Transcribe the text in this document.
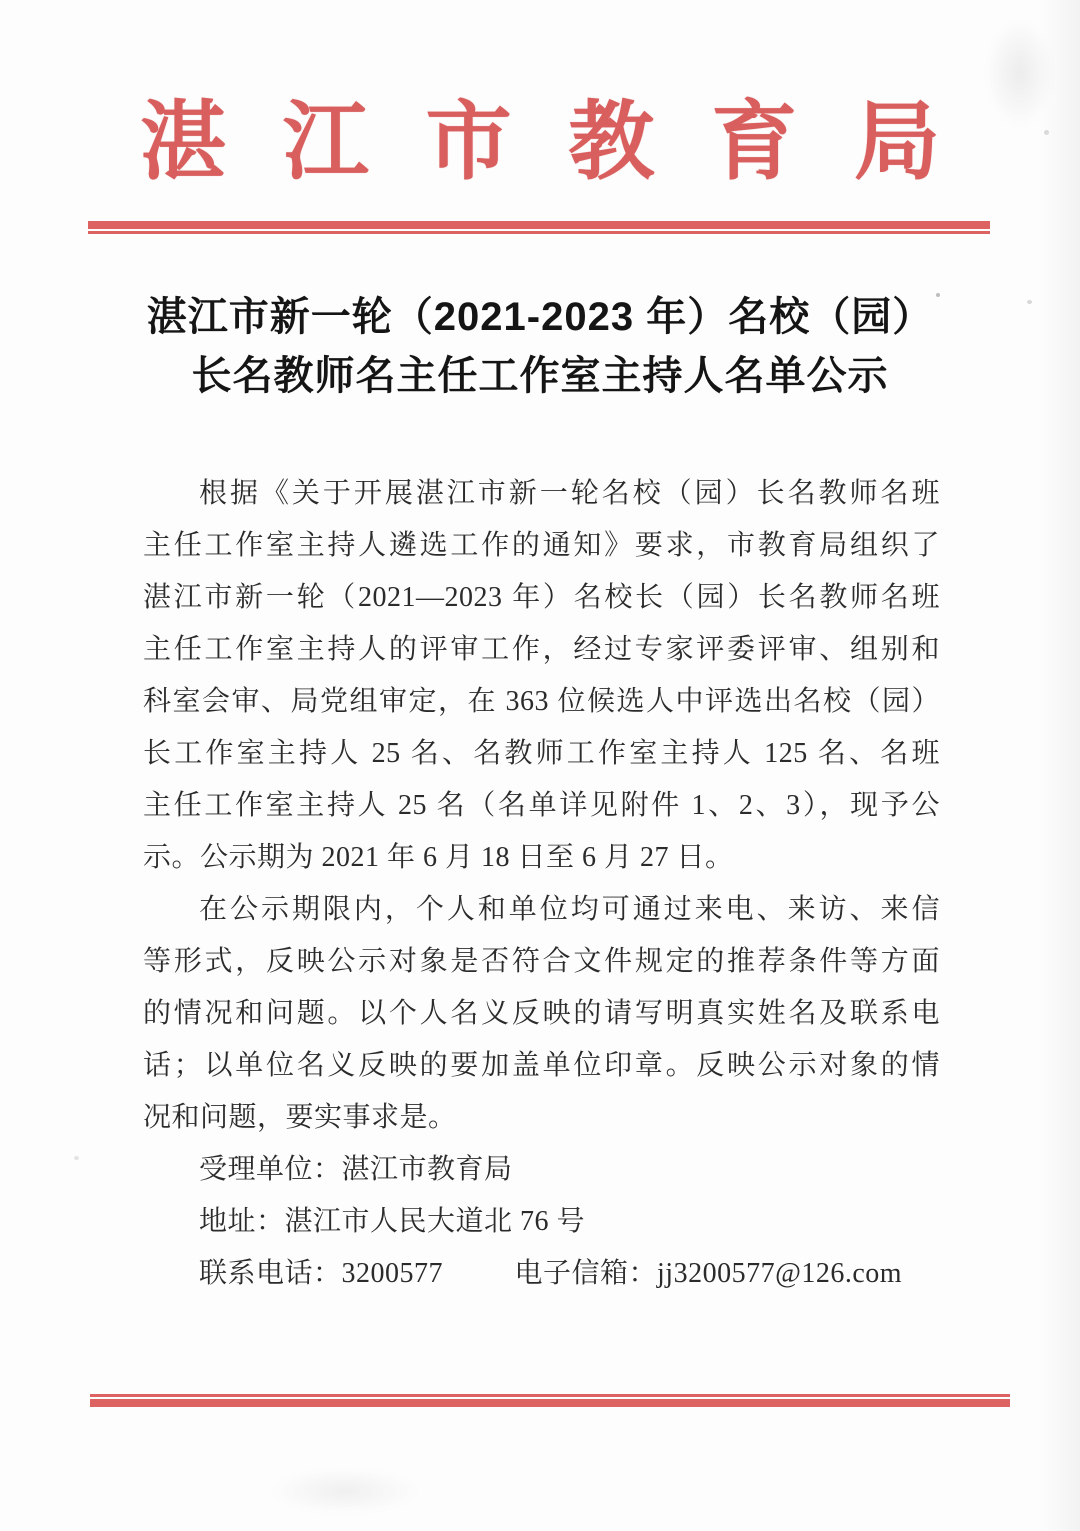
湛 江 市 教 育 局
湛江市新一轮（2021-2023 年）名校（园）
长名教师名主任工作室主持人名单公示
根据《关于开展湛江市新一轮名校（园）长名教师名班
主任工作室主持人遴选工作的通知》要求，市教育局组织了
湛江市新一轮（2021—2023 年）名校长（园）长名教师名班
主任工作室主持人的评审工作，经过专家评委评审、组别和
科室会审、局党组审定，在 363 位候选人中评选出名校（园）
长工作室主持人 25 名、名教师工作室主持人 125 名、名班
主任工作室主持人 25 名（名单详见附件 1、2、3），现予公
示。公示期为 2021 年 6 月 18 日至 6 月 27 日。
在公示期限内，个人和单位均可通过来电、来访、来信
等形式，反映公示对象是否符合文件规定的推荐条件等方面
的情况和问题。以个人名义反映的请写明真实姓名及联系电
话；以单位名义反映的要加盖单位印章。反映公示对象的情
况和问题，要实事求是。
受理单位：湛江市教育局
地址：湛江市人民大道北 76 号
联系电话：3200577	电子信箱：jj3200577@126.com
